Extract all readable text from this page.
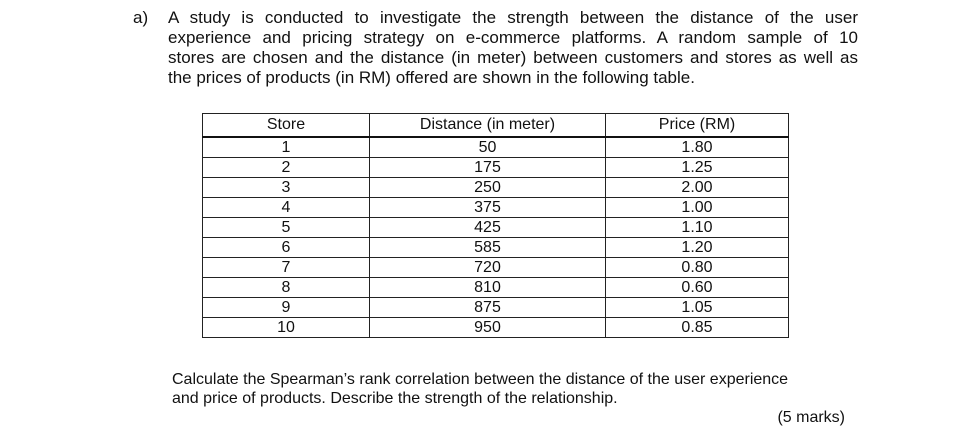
a) A study is conducted to investigate the strength between the distance of the user
experience and pricing strategy on e-commerce platforms. A random sample of 10
stores are chosen and the distance (in meter) between customers and stores as well as
the prices of products (in RM) offered are shown in the following table.
Store	Distance (in meter)	Price (RM)
1	50	1.80
2	175	1.25
3	250	2.00
4	375	1.00
5	425	1.10
6	585	1.20
7	720	0.80
8	810	0.60
9	875	1.05
10	950	0.85
Calculate the Spearman’s rank correlation between the distance of the user experience
and price of products. Describe the strength of the relationship.
(5 marks)
